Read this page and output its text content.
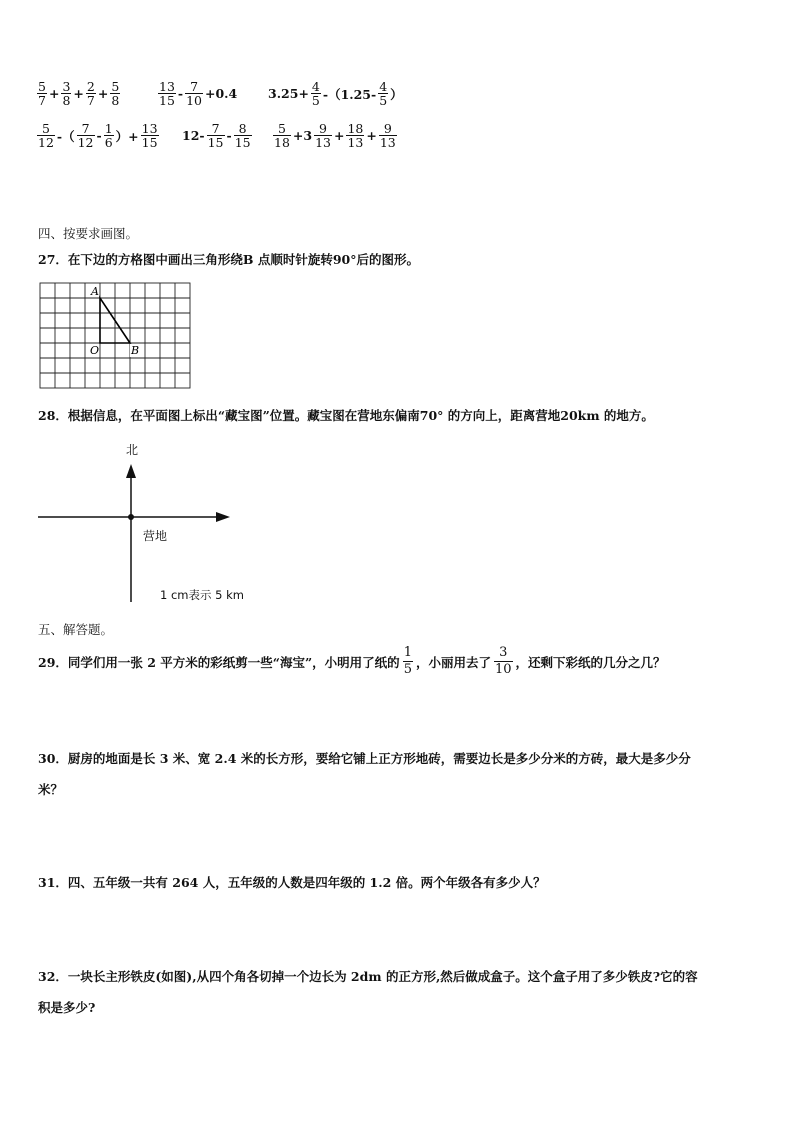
$\frac{5}{7} + \frac{3}{8} + \frac{2}{7} + \frac{5}{8}$	$\frac{13}{15} - \frac{7}{10} +0.4$ $3.25+ \frac{4}{5} -(1.25- \frac{4}{5}$ ）
$\frac{5}{12}$ -（ $\frac{7}{12} - \frac{1}{6}$ ）+ $\frac{13}{15} 12- \frac{7}{15} - \frac{8}{15} \frac{5}{18} +3 \frac{9}{13} + \frac{18}{13} + \frac{9}{13}$
四、按要求画图。
27．在下边的方格图中画出三角形绕B 点顺时针旋转90°后的图形。
A
O	B
28．根据信息，在平面图上标出“藏宝图”位置。藏宝图在营地东偏南70° 的方向上，距离营地20km 的地方。
北
营地
1 cm表示 5 km
五、解答题。
29．同学们用一张 2 平方米的彩纸剪一些“海宝”，小明用了纸的 $\frac{1}{5}$ ，小丽用去了 $\frac{3}{10}$ ，还剩下彩纸的几分之几？
30．厨房的地面是长 3 米、宽 2.4 米的长方形，要给它铺上正方形地砖，需要边长是多少分米的方砖，最大是多少分
米？
31．四、五年级一共有 264 人，五年级的人数是四年级的 1.2 倍。两个年级各有多少人？
32．一块长主形铁皮(如图),从四个角各切掉一个边长为 2dm 的正方形,然后做成盒子。这个盒子用了多少铁皮?它的容
积是多少?
